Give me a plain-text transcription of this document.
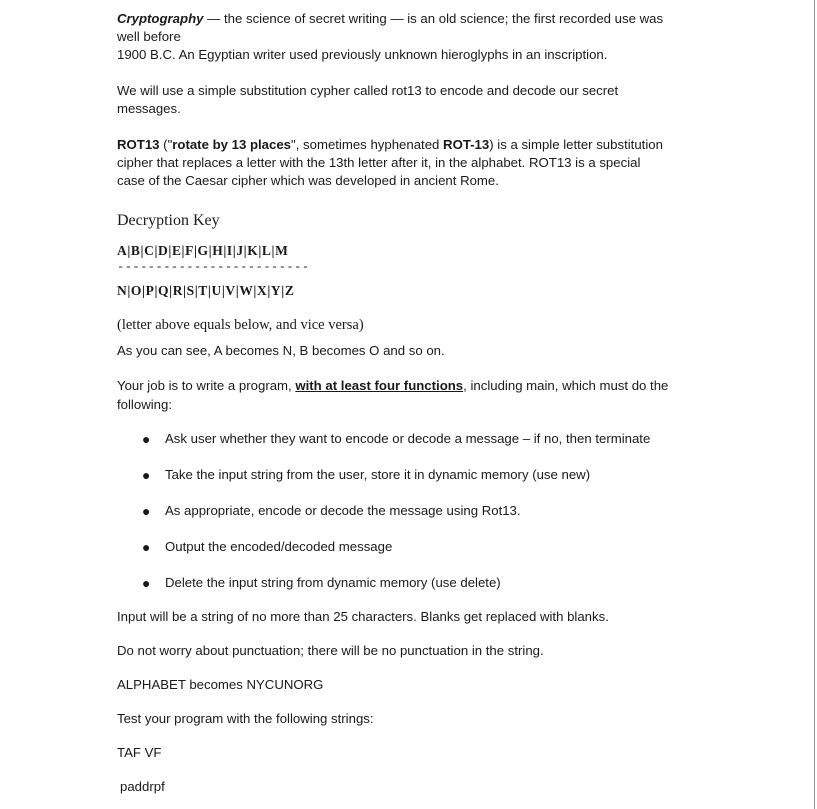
Cryptography — the science of secret writing — is an old science; the first recorded use was
well before
1900 B.C. An Egyptian writer used previously unknown hieroglyphs in an inscription.

We will use a simple substitution cypher called rot13 to encode and decode our secret
messages.

ROT13 ("rotate by 13 places", sometimes hyphenated ROT-13) is a simple letter substitution
cipher that replaces a letter with the 13th letter after it, in the alphabet. ROT13 is a special
case of the Caesar cipher which was developed in ancient Rome.

Decryption Key

A|B|C|D|E|F|G|H|I|J|K|L|M

-------------------------

N|O|P|Q|R|S|T|U|V|W|X|Y|Z

(letter above equals below, and vice versa)

As you can see, A becomes N, B becomes O and so on.

Your job is to write a program, with at least four functions, including main, which must do the
following:

● Ask user whether they want to encode or decode a message – if no, then terminate
● Take the input string from the user, store it in dynamic memory (use new)
● As appropriate, encode or decode the message using Rot13.
● Output the encoded/decoded message
● Delete the input string from dynamic memory (use delete)

Input will be a string of no more than 25 characters. Blanks get replaced with blanks.

Do not worry about punctuation; there will be no punctuation in the string.

ALPHABET becomes NYCUNORG

Test your program with the following strings:

TAF VF

paddrpf
